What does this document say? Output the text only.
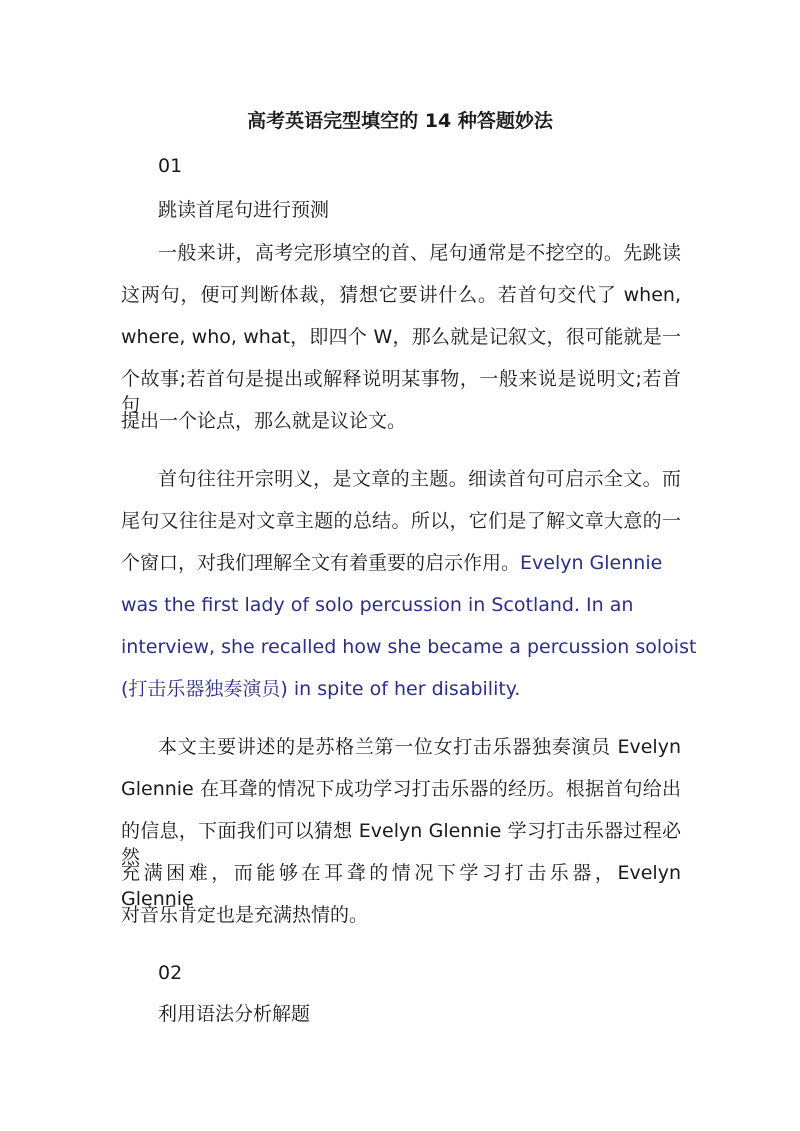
高考英语完型填空的 14 种答题妙法
01
跳读首尾句进行预测
一般来讲，高考完形填空的首、尾句通常是不挖空的。先跳读
这两句，便可判断体裁，猜想它要讲什么。若首句交代了 when,
where, who, what，即四个 W，那么就是记叙文，很可能就是一
个故事;若首句是提出或解释说明某事物，一般来说是说明文;若首句
提出一个论点，那么就是议论文。
首句往往开宗明义，是文章的主题。细读首句可启示全文。而
尾句又往往是对文章主题的总结。所以，它们是了解文章大意的一
个窗口，对我们理解全文有着重要的启示作用。Evelyn Glennie
was the first lady of solo percussion in Scotland. In an
interview, she recalled how she became a percussion soloist
(打击乐器独奏演员) in spite of her disability.
本文主要讲述的是苏格兰第一位女打击乐器独奏演员 Evelyn
Glennie 在耳聋的情况下成功学习打击乐器的经历。根据首句给出
的信息，下面我们可以猜想 Evelyn Glennie 学习打击乐器过程必然
充满困难，而能够在耳聋的情况下学习打击乐器，Evelyn Glennie
对音乐肯定也是充满热情的。
02
利用语法分析解题
